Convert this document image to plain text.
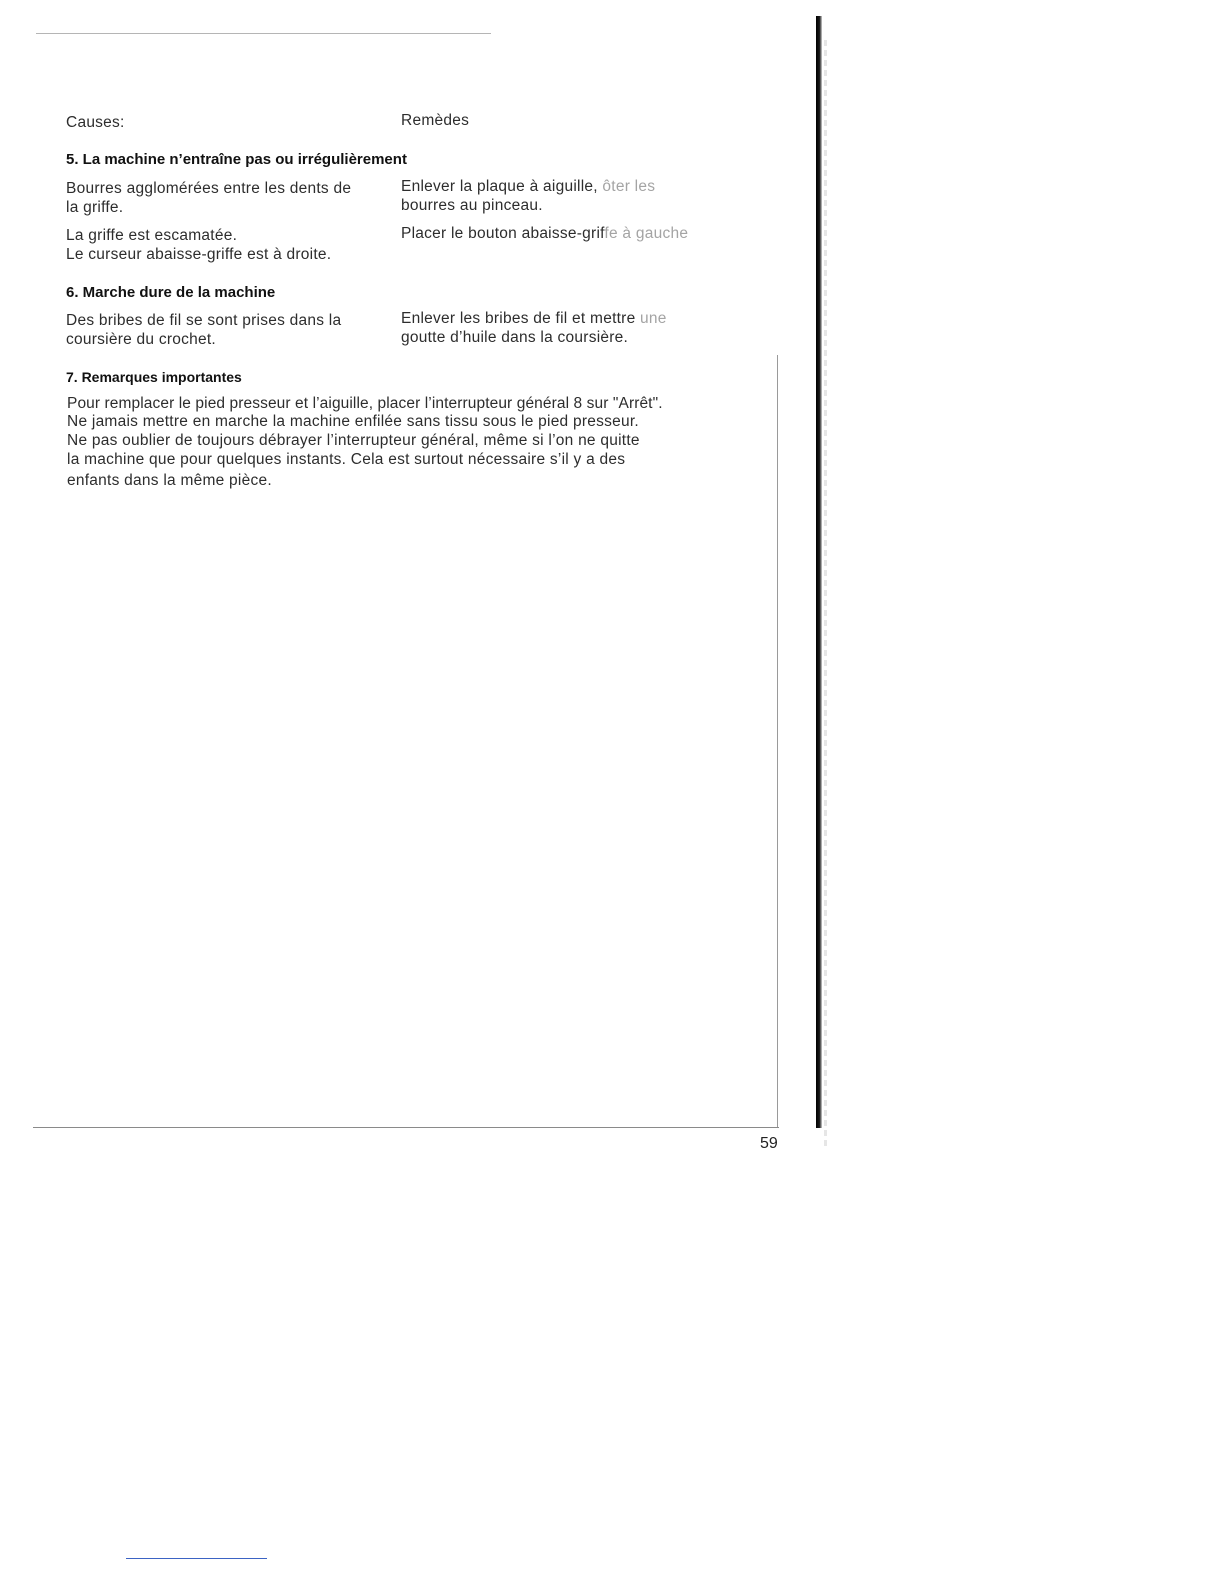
Causes:	Remèdes
5. La machine n’entraîne pas ou irrégulièrement
Bourres agglomérées entre les dents de
la griffe.
Enlever la plaque à aiguille, ôter les
bourres au pinceau.
La griffe est escamatée.
Le curseur abaisse-griffe est à droite.
Placer le bouton abaisse-griffe à gauche
6. Marche dure de la machine
Des bribes de fil se sont prises dans la
coursière du crochet.
Enlever les bribes de fil et mettre une
goutte d’huile dans la coursière.
7. Remarques importantes
Pour remplacer le pied presseur et l’aiguille, placer l’interrupteur général 8 sur "Arrêt".
Ne jamais mettre en marche la machine enfilée sans tissu sous le pied presseur.
Ne pas oublier de toujours débrayer l’interrupteur général, même si l’on ne quitte
la machine que pour quelques instants. Cela est surtout nécessaire s’il y a des
enfants dans la même pièce.
59
